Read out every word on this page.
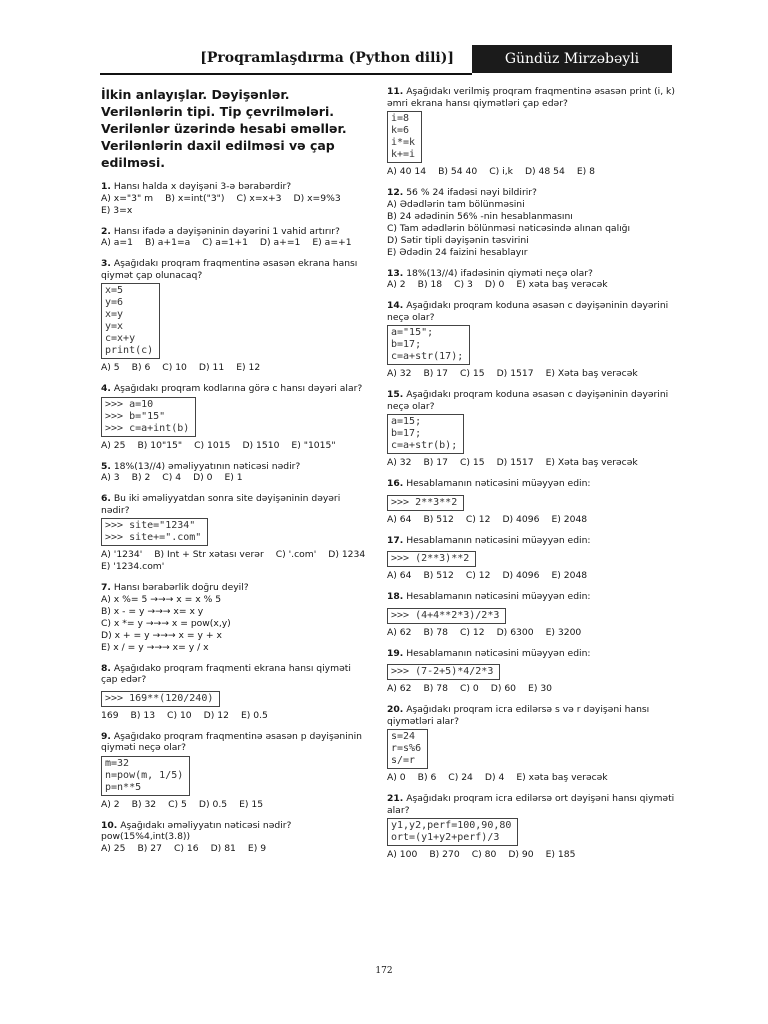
[Proqramlaşdırma (Python dili)]	Gündüz Mirzəbəyli
İlkin anlayışlar. Dəyişənlər. Verilənlərin tipi. Tip çevrilmələri. Verilənlər üzərində hesabi əməllər. Verilənlərin daxil edilməsi və çap edilməsi.
1. Hansı halda x dəyişəni 3-ə bərabərdir?
A) x="3" m B) x=int("3") C) x=x+3 D) x=9%3
E) 3=x
2. Hansı ifadə a dəyişəninin dəyərini 1 vahid artırır?
A) a=1 B) a+1=a C) a=1+1 D) a+=1 E) a=+1
3. Aşağıdakı proqram fraqmentinə əsasən ekrana hansı qiymət çap olunacaq?
x=5
y=6
x=y
y=x
c=x+y
print(c)
A) 5 B) 6 C) 10 D) 11 E) 12
4. Aşağıdakı proqram kodlarına görə c hansı dəyəri alar?
>>> a=10
>>> b="15"
>>> c=a+int(b)
A) 25 B) 10"15" C) 1015 D) 1510 E) "1015"
5. 18%(13//4) əməliyyatının nəticəsi nədir?
A) 3 B) 2 C) 4 D) 0 E) 1
6. Bu iki əməliyyatdan sonra site dəyişəninin dəyəri nədir?
>>> site="1234"
>>> site+=".com"
A) '1234' B) Int + Str xətası verər C) '.com' D) 1234
E) '1234.com'
7. Hansı bərabərlik doğru deyil?
A) x %= 5 →→→ x = x % 5
B) x - = y →→→ x= x y
C) x *= y →→→ x = pow(x,y)
D) x + = y →→→ x = y + x
E) x / = y →→→ x= y / x
8. Aşağıdako proqram fraqmenti ekrana hansı qiyməti çap edər?
>>> 169**(120/240)
169 B) 13 C) 10 D) 12 E) 0.5
9. Aşağıdako proqram fraqmentinə əsasən p dəyişəninin qiyməti neçə olar?
m=32
n=pow(m, 1/5)
p=n**5
A) 2 B) 32 C) 5 D) 0.5 E) 15
10. Aşağıdakı əməliyyatın nəticəsi nədir? pow(15%4,int(3.8))
A) 25 B) 27 C) 16 D) 81 E) 9
11. Aşağıdakı verilmiş proqram fraqmentinə əsasən print (i, k) əmri ekrana hansı qiymətləri çap edər?
i=8
k=6
i*=k
k+=i
A) 40 14 B) 54 40 C) i,k D) 48 54 E) 8
12. 56 % 24 ifadəsi nəyi bildirir?
A) Ədədlərin tam bölünməsini
B) 24 ədədinin 56% -nin hesablanmasını
C) Tam ədədlərin bölünməsi nəticəsində alınan qalığı
D) Sətir tipli dəyişənin təsvirini
E) Ədədin 24 faizini hesablayır
13. 18%(13//4) ifadəsinin qiyməti neçə olar?
A) 2 B) 18 C) 3 D) 0 E) xəta baş verəcək
14. Aşağıdakı proqram koduna əsasən c dəyişəninin dəyərini neçə olar?
a="15";
b=17;
c=a+str(17);
A) 32 B) 17 C) 15 D) 1517 E) Xəta baş verəcək
15. Aşağıdakı proqram koduna əsasən c dəyişəninin dəyərini neçə olar?
a=15;
b=17;
c=a+str(b);
A) 32 B) 17 C) 15 D) 1517 E) Xəta baş verəcək
16. Hesablamanın nəticəsini müəyyən edin:
>>> 2**3**2
A) 64 B) 512 C) 12 D) 4096 E) 2048
17. Hesablamanın nəticəsini müəyyən edin:
>>> (2**3)**2
A) 64 B) 512 C) 12 D) 4096 E) 2048
18. Hesablamanın nəticəsini müəyyən edin:
>>> (4+4**2*3)/2*3
A) 62 B) 78 C) 12 D) 6300 E) 3200
19. Hesablamanın nəticəsini müəyyən edin:
>>> (7-2+5)*4/2*3
A) 62 B) 78 C) 0 D) 60 E) 30
20. Aşağıdakı proqram icra edilərsə s və r dəyişəni hansı qiymətləri alar?
s=24
r=s%6
s/=r
A) 0 B) 6 C) 24 D) 4 E) xəta baş verəcək
21. Aşağıdakı proqram icra edilərsə ort dəyişəni hansı qiyməti alar?
y1,y2,perf=100,90,80
ort=(y1+y2+perf)/3
A) 100 B) 270 C) 80 D) 90 E) 185
172
